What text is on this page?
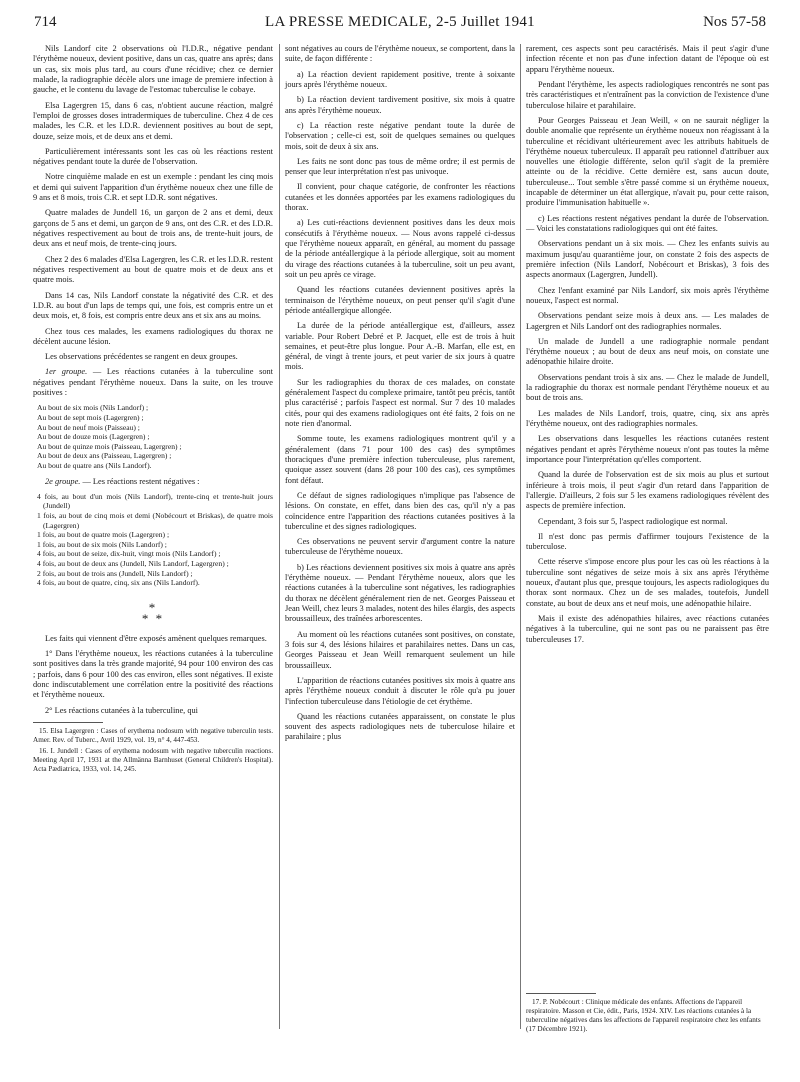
714	LA PRESSE MEDICALE, 2-5 Juillet 1941	Nos 57-58

Nils Landorf cite 2 observations où l'I.D.R., négative pendant l'érythème noueux, devient positive, dans un cas, quatre ans après; dans un cas, six mois plus tard, au cours d'une récidive; chez ce dernier malade, la radiographie décèle alors une image de premiere infection à gauche, et le contenu du lavage de l'estomac tuberculise le cobaye.

Elsa Lagergren 15, dans 6 cas, n'obtient aucune réaction, malgré l'emploi de grosses doses intradermiques de tuberculine. Chez 4 de ces malades, les C.R. et les I.D.R. deviennent positives au bout de sept, douze, seize mois, et de deux ans et demi.

Particulièrement intéressants sont les cas où les réactions restent négatives pendant toute la durée de l'observation.

Notre cinquième malade en est un exemple : pendant les cinq mois et demi qui suivent l'apparition d'un érythème noueux chez une fille de 9 ans et 8 mois, trois C.R. et sept I.D.R. sont négatives.

Quatre malades de Jundell 16, un garçon de 2 ans et demi, deux garçons de 5 ans et demi, un garçon de 9 ans, ont des C.R. et des I.D.R. négatives respectivement au bout de trois ans, de trente-huit jours, de deux ans et neuf mois, de trente-cinq jours.

Chez 2 des 6 malades d'Elsa Lagergren, les C.R. et les I.D.R. restent négatives respectivement au bout de quatre mois et de deux ans et quatre mois.

Dans 14 cas, Nils Landorf constate la négativité des C.R. et des I.D.R. au bout d'un laps de temps qui, une fois, est compris entre un et deux mois, et, 8 fois, est compris entre deux ans et six ans au moins.

Chez tous ces malades, les examens radiologiques du thorax ne décèlent aucune lésion.

Les observations précédentes se rangent en deux groupes.

1er groupe. — Les réactions cutanées à la tuberculine sont négatives pendant l'érythème noueux. Dans la suite, on les trouve positives :

Au bout de six mois (Nils Landorf) ;
Au bout de sept mois (Lagergren) ;
Au bout de neuf mois (Paisseau) ;
Au bout de douze mois (Lagergren) ;
Au bout de quinze mois (Paisseau, Lagergren) ;
Au bout de deux ans (Paisseau, Lagergren) ;
Au bout de quatre ans (Nils Landorf).

2e groupe. — Les réactions restent négatives :

4 fois, au bout d'un mois (Nils Landorf), trente-cinq et trente-huit jours (Jundell)
1 fois, au bout de cinq mois et demi (Nobécourt et Briskas), de quatre mois (Lagergren)
1 fois, au bout de quatre mois (Lagergren) ;
1 fois, au bout de six mois (Nils Landorf) ;
4 fois, au bout de seize, dix-huit, vingt mois (Nils Landorf) ;
4 fois, au bout de deux ans (Jundell, Nils Landorf, Lagergren) ;
2 fois, au bout de trois ans (Jundell, Nils Landorf) ;
4 fois, au bout de quatre, cinq, six ans (Nils Landorf).
*
* *

Les faits qui viennent d'être exposés amènent quelques remarques.

1° Dans l'érythème noueux, les réactions cutanées à la tuberculine sont positives dans la très grande majorité, 94 pour 100 environ des cas ; parfois, dans 6 pour 100 des cas environ, elles sont négatives. Il existe donc indiscutablement une corrélation entre la positivité des réactions et l'érythème noueux.

2° Les réactions cutanées à la tuberculine, qui

15. Elsa Lagergren : Cases of erythema nodosum with negative tuberculin tests. Amer. Rev. of Tuberc., Avril 1929, vol. 19, n° 4, 447-453.

16. I. Jundell : Cases of erythema nodosum with negative tuberculin reactions. Meeting April 17, 1931 at the Allmänna Barnhuset (General Children's Hospital). Acta Pædiatrica, 1933, vol. 14, 245.

sont négatives au cours de l'érythème noueux, se comportent, dans la suite, de façon différente :

a) La réaction devient rapidement positive, trente à soixante jours après l'érythème noueux.

b) La réaction devient tardivement positive, six mois à quatre ans après l'érythème noueux.

c) La réaction reste négative pendant toute la durée de l'observation ; celle-ci est, soit de quelques semaines ou quelques mois, soit de deux à six ans.

Les faits ne sont donc pas tous de même ordre; il est permis de penser que leur interprétation n'est pas univoque.

Il convient, pour chaque catégorie, de confronter les réactions cutanées et les données apportées par les examens radiologiques du thorax.

a) Les cuti-réactions deviennent positives dans les deux mois consécutifs à l'érythème noueux. — Nous avons rappelé ci-dessus que l'érythème noueux apparaît, en général, au moment du passage de la période antéallergique à la période allergique, soit au moment du virage des réactions cutanées à la tuberculine, soit un peu avant, soit un peu après ce virage.

Quand les réactions cutanées deviennent positives après la terminaison de l'érythème noueux, on peut penser qu'il s'agit d'une période antéallergique allongée.

La durée de la période antéallergique est, d'ailleurs, assez variable. Pour Robert Debré et P. Jacquet, elle est de trois à huit semaines, et peut-être plus longue. Pour A.-B. Marfan, elle est, en général, de vingt à trente jours, et peut varier de six jours à quatre mois.

Sur les radiographies du thorax de ces malades, on constate généralement l'aspect du complexe primaire, tantôt peu précis, tantôt plus caractérisé ; parfois l'aspect est normal. Sur 7 des 10 malades cités, pour qui des examens radiologiques ont été faits, 2 fois on ne note rien d'anormal.

Somme toute, les examens radiologiques montrent qu'il y a généralement (dans 71 pour 100 des cas) des symptômes thoraciques d'une première infection tuberculeuse, plus rarement, quoique assez souvent (dans 28 pour 100 des cas), ces symptômes font défaut.

Ce défaut de signes radiologiques n'implique pas l'absence de lésions. On constate, en effet, dans bien des cas, qu'il n'y a pas coïncidence entre l'apparition des réactions cutanées positives à la tuberculine et des signes radiologiques.

Ces observations ne peuvent servir d'argument contre la nature tuberculeuse de l'érythème noueux.

b) Les réactions deviennent positives six mois à quatre ans après l'érythème noueux. — Pendant l'érythème noueux, alors que les réactions cutanées à la tuberculine sont négatives, les radiographies du thorax ne décèlent généralement rien de net. Georges Paisseau et Jean Weill, chez leurs 3 malades, notent des hiles élargis, des aspects broussailleux, des traînées arborescentes.

Au moment où les réactions cutanées sont positives, on constate, 3 fois sur 4, des lésions hilaires et parahilaires nettes. Dans un cas, Georges Paisseau et Jean Weill remarquent seulement un hile broussailleux.

L'apparition de réactions cutanées positives six mois à quatre ans après l'érythème noueux conduit à discuter le rôle qu'a pu jouer l'infection tuberculeuse dans l'étiologie de cet érythème.

Quand les réactions cutanées apparaissent, on constate le plus souvent des aspects radiologiques nets de tuberculose hilaire et parahilaire ; plus

rarement, ces aspects sont peu caractérisés. Mais il peut s'agir d'une infection récente et non pas d'une infection datant de l'époque où est apparu l'érythème noueux.

Pendant l'érythème, les aspects radiologiques rencontrés ne sont pas très caractéristiques et n'entraînent pas la conviction de l'existence d'une tuberculose hilaire et parahilaire.

Pour Georges Paisseau et Jean Weill, « on ne saurait négliger la double anomalie que représente un érythème noueux non réagissant à la tuberculine et récidivant ultérieurement avec les attributs habituels de l'érythème noueux tuberculeux. Il apparaît peu rationnel d'attribuer aux nouvelles une étiologie différente, selon qu'il s'agit de la première atteinte ou de la récidive. Cette dernière est, sans aucun doute, tuberculeuse... Tout semble s'être passé comme si un érythème noueux, incapable de déterminer un état allergique, n'avait pu, pour cette raison, produire l'immunisation habituelle ».

c) Les réactions restent négatives pendant la durée de l'observation. — Voici les constatations radiologiques qui ont été faites.

Observations pendant un à six mois. — Chez les enfants suivis au maximum jusqu'au quarantième jour, on constate 2 fois des aspects de première infection (Nils Landorf, Nobécourt et Briskas), 3 fois des aspects anormaux (Lagergren, Jundell).

Chez l'enfant examiné par Nils Landorf, six mois après l'érythème noueux, l'aspect est normal.

Observations pendant seize mois à deux ans. — Les malades de Lagergren et Nils Landorf ont des radiographies normales.

Un malade de Jundell a une radiographie normale pendant l'érythème noueux ; au bout de deux ans neuf mois, on constate une adénopathie hilaire droite.

Observations pendant trois à six ans. — Chez le malade de Jundell, la radiographie du thorax est normale pendant l'érythème noueux et au bout de trois ans.

Les malades de Nils Landorf, trois, quatre, cinq, six ans après l'érythème noueux, ont des radiographies normales.

Les observations dans lesquelles les réactions cutanées restent négatives pendant et après l'érythème noueux n'ont pas toutes la même importance pour l'interprétation qu'elles comportent.

Quand la durée de l'observation est de six mois au plus et surtout inférieure à trois mois, il peut s'agir d'un retard dans l'apparition de l'allergie. D'ailleurs, 2 fois sur 5 les examens radiologiques révèlent des aspects de première infection.

Cependant, 3 fois sur 5, l'aspect radiologique est normal.

Il n'est donc pas permis d'affirmer toujours l'existence de la tuberculose.

Cette réserve s'impose encore plus pour les cas où les réactions à la tuberculine sont négatives de seize mois à six ans après l'érythème noueux, d'autant plus que, presque toujours, les aspects radiologiques du thorax sont normaux. Chez un de ses malades, toutefois, Jundell constate, au bout de deux ans et neuf mois, une adénopathie hilaire.

Mais il existe des adénopathies hilaires, avec réactions cutanées négatives à la tuberculine, qui ne sont pas ou ne paraissent pas être tuberculeuses 17.

17. P. Nobécourt : Clinique médicale des enfants. Affections de l'appareil respiratoire. Masson et Cie, édit., Paris, 1924. XIV. Les réactions cutanées à la tuberculine négatives dans les affections de l'appareil respiratoire chez les enfants (17 Décembre 1921).
